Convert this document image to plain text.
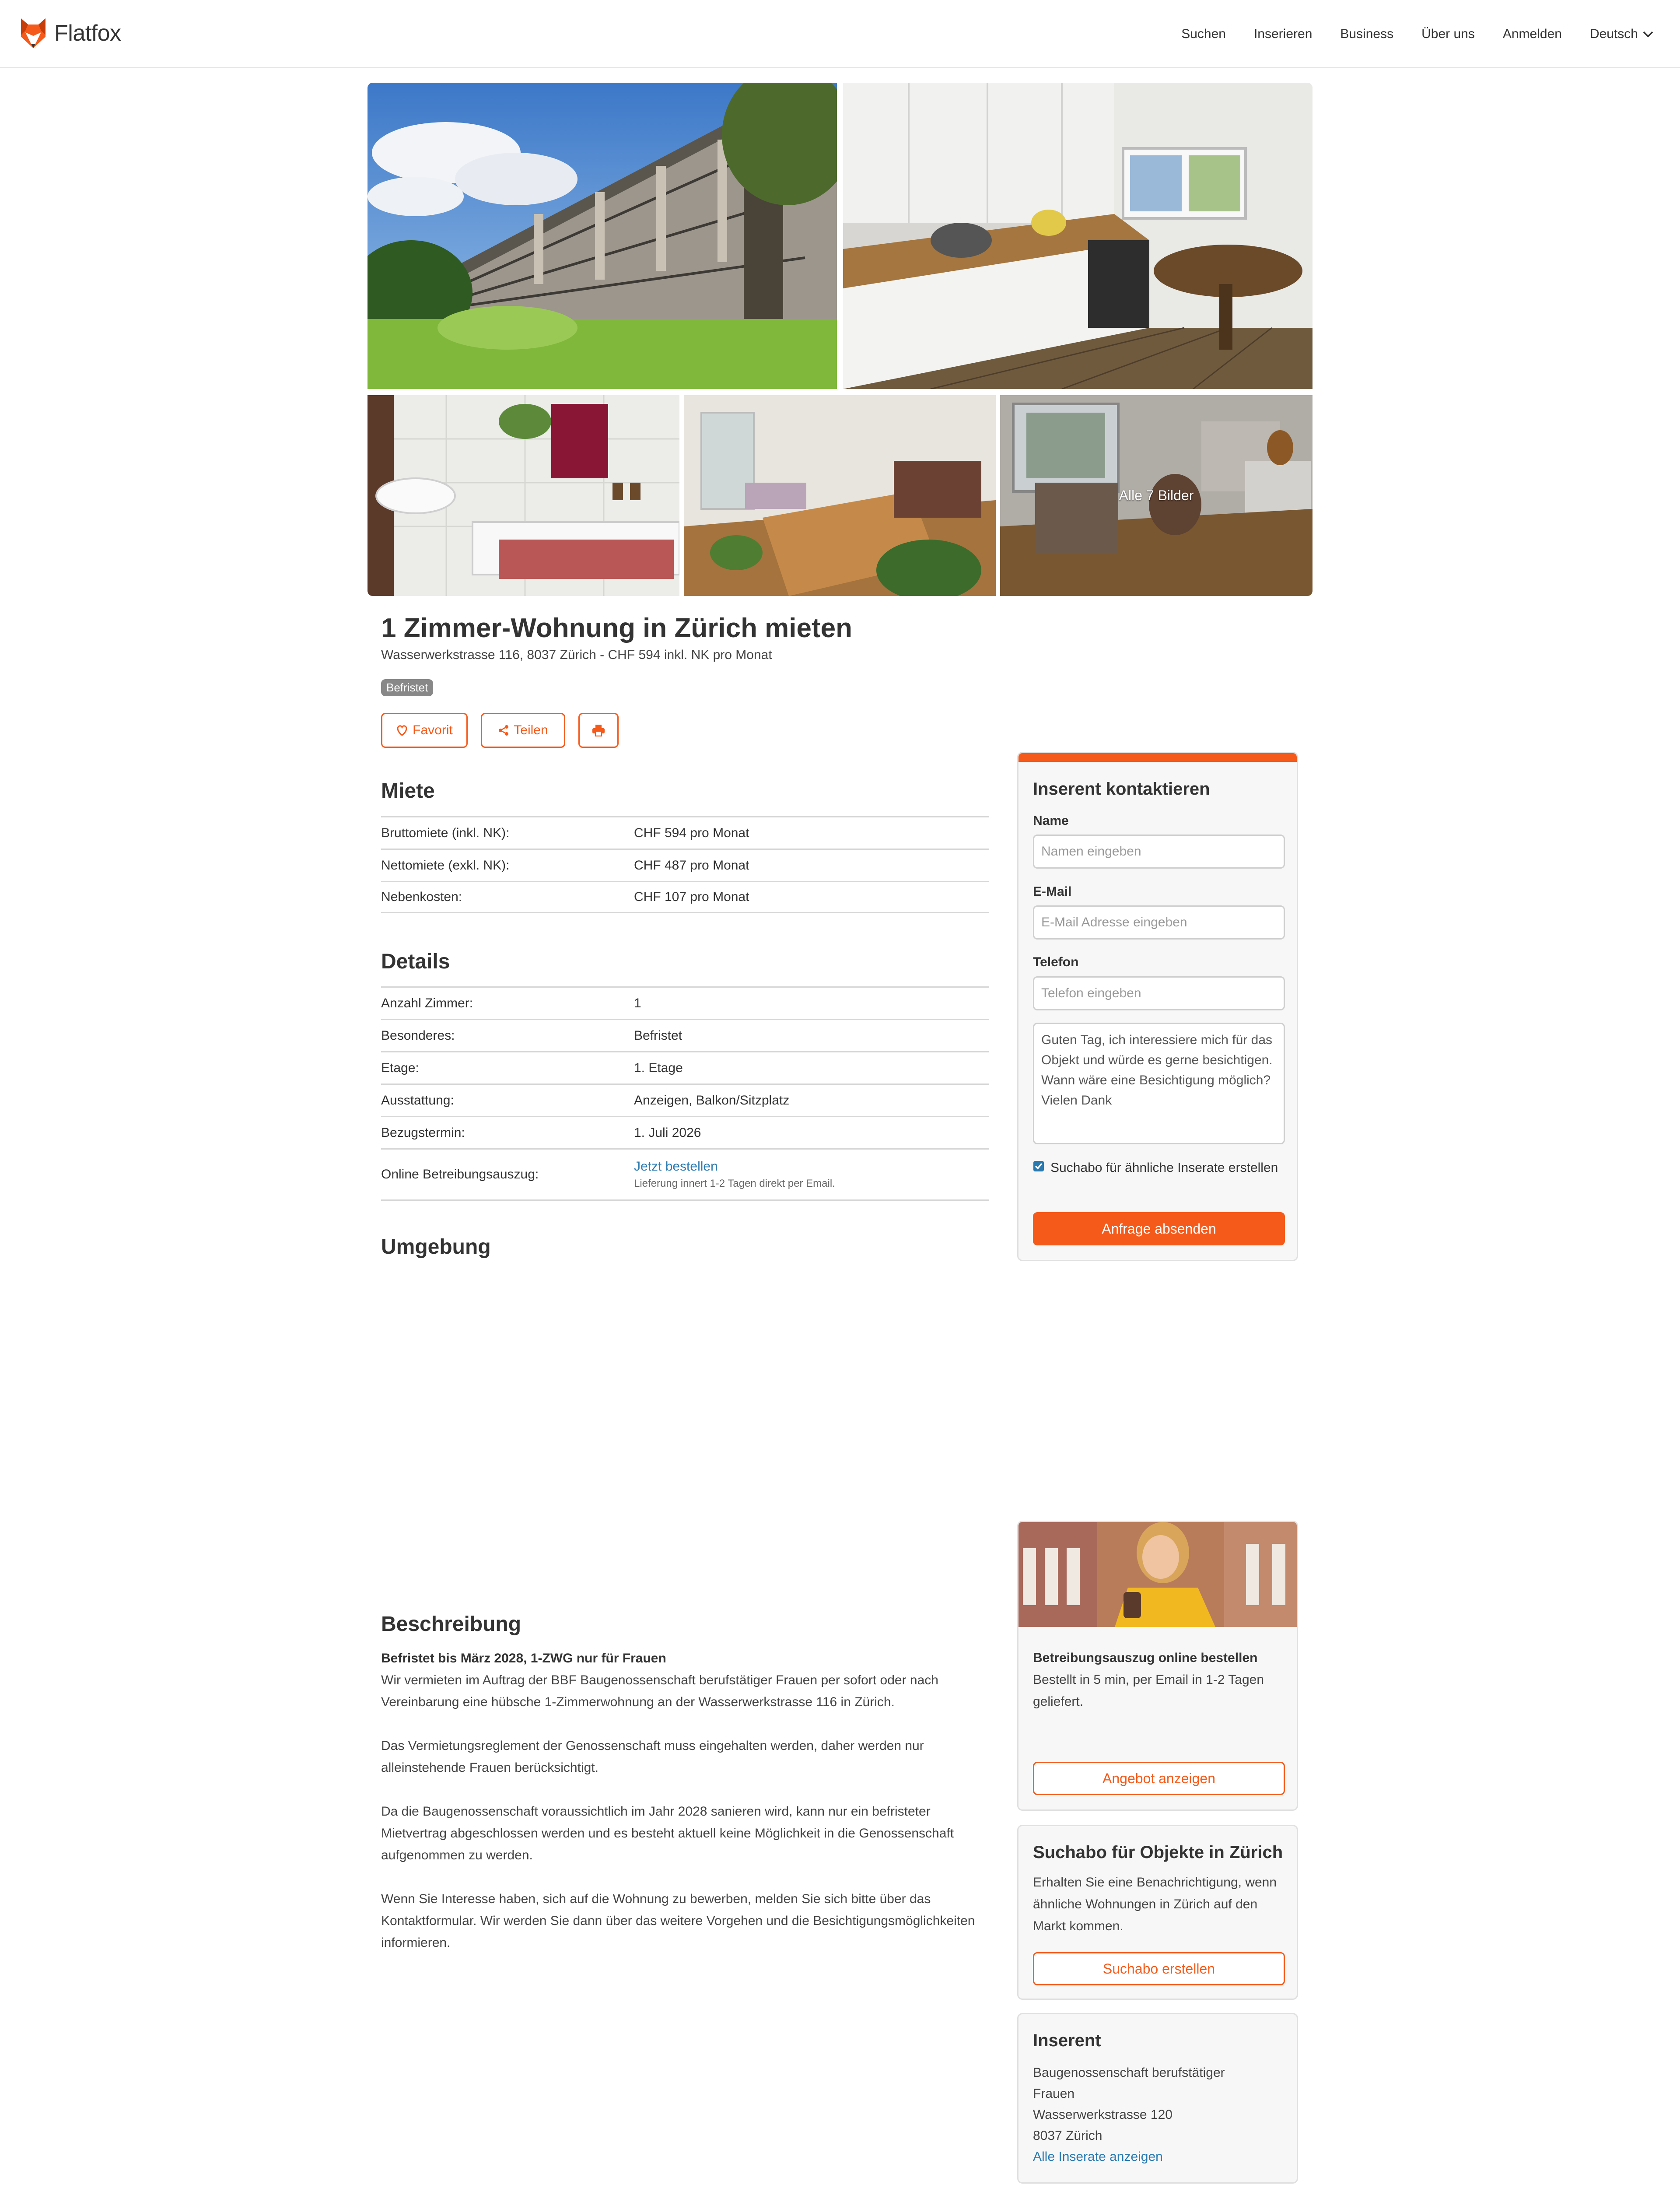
Flatfox	Suchen Inserieren Business Über uns Anmelden Deutsch
Alle 7 Bilder
1 Zimmer-Wohnung in Zürich mieten
Wasserwerkstrasse 116, 8037 Zürich - CHF 594 inkl. NK pro Monat
Befristet
Favorit	Teilen
Miete
Bruttomiete (inkl. NK):	CHF 594 pro Monat
Nettomiete (exkl. NK):	CHF 487 pro Monat
Nebenkosten:	CHF 107 pro Monat
Details
Anzahl Zimmer:	1
Besonderes:	Befristet
Etage:	1. Etage
Ausstattung:	Anzeigen, Balkon/Sitzplatz
Bezugstermin:	1. Juli 2026
Online Betreibungsauszug:
Jetzt bestellen
Lieferung innert 1-2 Tagen direkt per Email.
Umgebung
Inserent kontaktieren
Name
Namen eingeben
E-Mail
E-Mail Adresse eingeben
Telefon
Telefon eingeben
Guten Tag, ich interessiere mich für das Objekt und würde es gerne besichtigen. Wann wäre eine Besichtigung möglich? Vielen Dank
Suchabo für ähnliche Inserate erstellen
Anfrage absenden
Betreibungsauszug online bestellen
Bestellt in 5 min, per Email in 1-2 Tagen geliefert.
Angebot anzeigen
Suchabo für Objekte in Zürich
Erhalten Sie eine Benachrichtigung, wenn ähnliche Wohnungen in Zürich auf den Markt kommen.
Suchabo erstellen
Inserent
Baugenossenschaft berufstätiger
Frauen
Wasserwerkstrasse 120
8037 Zürich
Alle Inserate anzeigen
Beschreibung

Befristet bis März 2028, 1-ZWG nur für Frauen
Wir vermieten im Auftrag der BBF Baugenossenschaft berufstätiger Frauen per sofort oder nach Vereinbarung eine hübsche 1-Zimmerwohnung an der Wasserwerkstrasse 116 in Zürich.

Das Vermietungsreglement der Genossenschaft muss eingehalten werden, daher werden nur alleinstehende Frauen berücksichtigt.

Da die Baugenossenschaft voraussichtlich im Jahr 2028 sanieren wird, kann nur ein befristeter Mietvertrag abgeschlossen werden und es besteht aktuell keine Möglichkeit in die Genossenschaft aufgenommen zu werden.

Wenn Sie Interesse haben, sich auf die Wohnung zu bewerben, melden Sie sich bitte über das Kontaktformular. Wir werden Sie dann über das weitere Vorgehen und die Besichtigungsmöglichkeiten informieren.
